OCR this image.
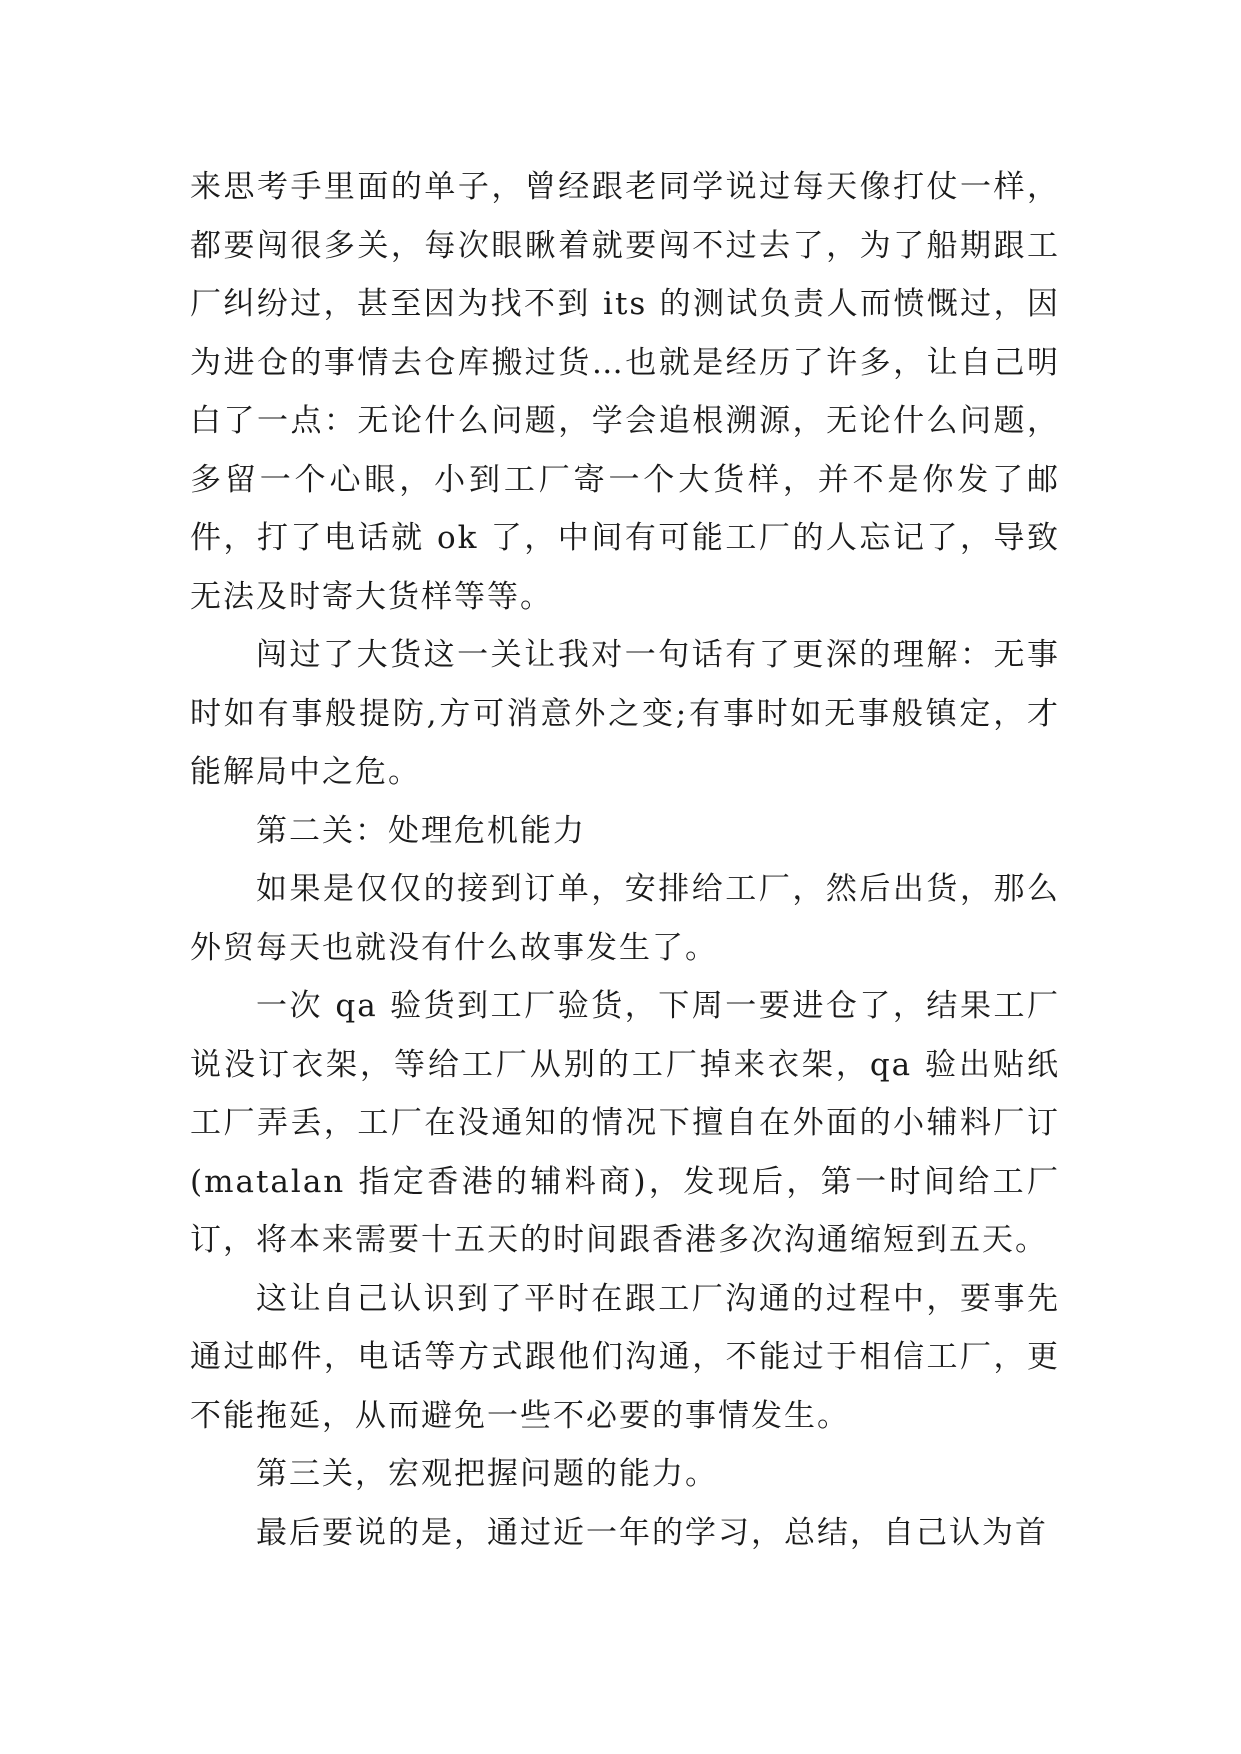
来思考手里面的单子，曾经跟老同学说过每天像打仗一样，都要闯很多关，每次眼瞅着就要闯不过去了，为了船期跟工厂纠纷过，甚至因为找不到 its 的测试负责人而愤慨过，因为进仓的事情去仓库搬过货…也就是经历了许多，让自己明白了一点：无论什么问题，学会追根溯源，无论什么问题，多留一个心眼，小到工厂寄一个大货样，并不是你发了邮件，打了电话就 ok 了，中间有可能工厂的人忘记了，导致无法及时寄大货样等等。

闯过了大货这一关让我对一句话有了更深的理解：无事时如有事般提防,方可消意外之变;有事时如无事般镇定，才能解局中之危。

第二关：处理危机能力

如果是仅仅的接到订单，安排给工厂，然后出货，那么外贸每天也就没有什么故事发生了。

一次 qa 验货到工厂验货，下周一要进仓了，结果工厂说没订衣架，等给工厂从别的工厂掉来衣架，qa 验出贴纸工厂弄丢，工厂在没通知的情况下擅自在外面的小辅料厂订(matalan 指定香港的辅料商)，发现后，第一时间给工厂订，将本来需要十五天的时间跟香港多次沟通缩短到五天。

这让自己认识到了平时在跟工厂沟通的过程中，要事先通过邮件，电话等方式跟他们沟通，不能过于相信工厂，更不能拖延，从而避免一些不必要的事情发生。

第三关，宏观把握问题的能力。

最后要说的是，通过近一年的学习，总结，自己认为首
